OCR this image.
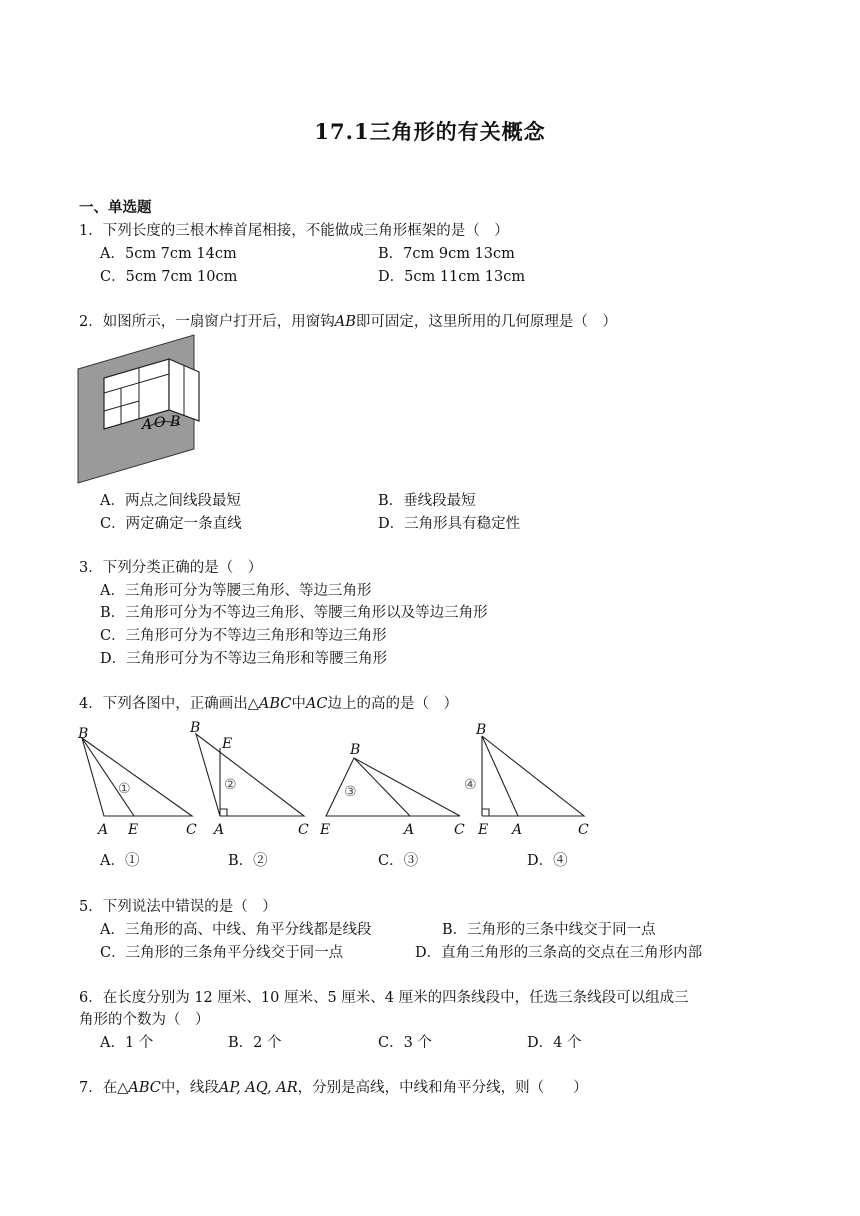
17.1三角形的有关概念
一、单选题
1．下列长度的三根木棒首尾相接，不能做成三角形框架的是（　）
A．5cm 7cm 14cm	B．7cm 9cm 13cm
C．5cm 7cm 10cm	D．5cm 11cm 13cm
2．如图所示，一扇窗户打开后，用窗钩AB即可固定，这里所用的几何原理是（　）
A O B
A．两点之间线段最短	B．垂线段最短
C．两定确定一条直线	D．三角形具有稳定性
3．下列分类正确的是（　）
A．三角形可分为等腰三角形、等边三角形
B．三角形可分为不等边三角形、等腰三角形以及等边三角形
C．三角形可分为不等边三角形和等边三角形
D．三角形可分为不等边三角形和等腰三角形
4．下列各图中，正确画出△ABC中AC边上的高的是（　）
B
A E	C
B
E
A	C
B
E	A	C
B
E A	C
①	②	③	④
A．①	B．②	C．③	D．④
5．下列说法中错误的是（　）
A．三角形的高、中线、角平分线都是线段	B．三角形的三条中线交于同一点
C．三角形的三条角平分线交于同一点	D．直角三角形的三条高的交点在三角形内部
6．在长度分别为 12 厘米、10 厘米、5 厘米、4 厘米的四条线段中，任选三条线段可以组成三
角形的个数为（　）
A．1 个	B．2 个	C．3 个	D．4 个
7．在△ABC中，线段AP, AQ, AR，分别是高线，中线和角平分线，则（　　）
